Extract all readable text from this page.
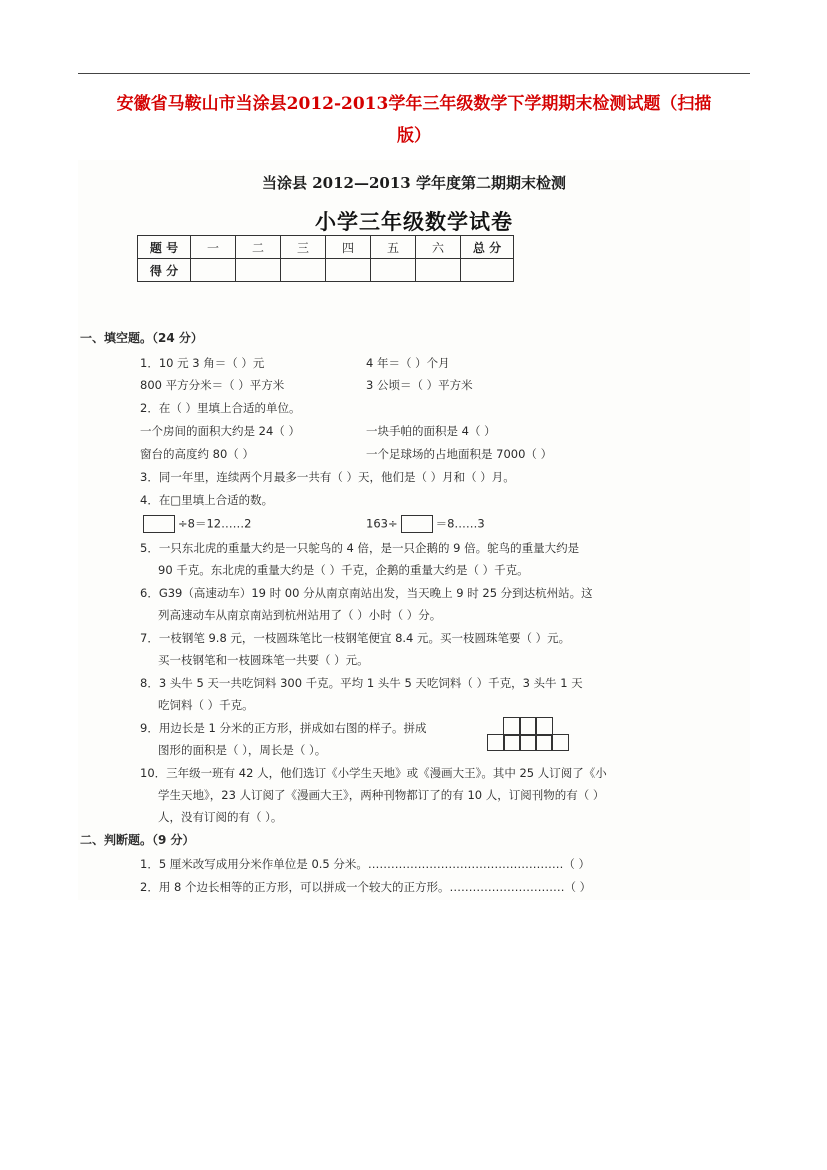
安徽省马鞍山市当涂县2012-2013学年三年级数学下学期期末检测试题（扫描
版）
当涂县 2012—2013 学年度第二期期末检测
小学三年级数学试卷
题 号	一	二	三	四	五	六	总 分
得 分							
一、填空题。（24 分）
1．10 元 3 角＝（ ）元	4 年＝（ ）个月
800 平方分米＝（ ）平方米	3 公顷＝（ ）平方米
2．在（ ）里填上合适的单位。
一个房间的面积大约是 24（ ）	一块手帕的面积是 4（ ）
窗台的高度约 80（ ）	一个足球场的占地面积是 7000（ ）
3．同一年里，连续两个月最多一共有（ ）天，他们是（ ）月和（ ）月。
4．在□里填上合适的数。
÷8＝12……2	163÷	＝8……3
5．一只东北虎的重量大约是一只鸵鸟的 4 倍，是一只企鹅的 9 倍。鸵鸟的重量大约是
90 千克。东北虎的重量大约是（ ）千克，企鹅的重量大约是（ ）千克。
6．G39（高速动车）19 时 00 分从南京南站出发，当天晚上 9 时 25 分到达杭州站。这
列高速动车从南京南站到杭州站用了（ ）小时（ ）分。
7．一枝钢笔 9.8 元，一枝圆珠笔比一枝钢笔便宜 8.4 元。买一枝圆珠笔要（ ）元。
买一枝钢笔和一枝圆珠笔一共要（ ）元。
8．3 头牛 5 天一共吃饲料 300 千克。平均 1 头牛 5 天吃饲料（ ）千克，3 头牛 1 天
吃饲料（ ）千克。
9．用边长是 1 分米的正方形，拼成如右图的样子。拼成
图形的面积是（ ），周长是（ ）。
10．三年级一班有 42 人，他们选订《小学生天地》或《漫画大王》。其中 25 人订阅了《小
学生天地》，23 人订阅了《漫画大王》，两种刊物都订了的有 10 人，订阅刊物的有（ ）
人，没有订阅的有（ ）。
二、判断题。（9 分）
1．5 厘米改写成用分米作单位是 0.5 分米。……………………………………………（ ）
2．用 8 个边长相等的正方形，可以拼成一个较大的正方形。…………………………（ ）
